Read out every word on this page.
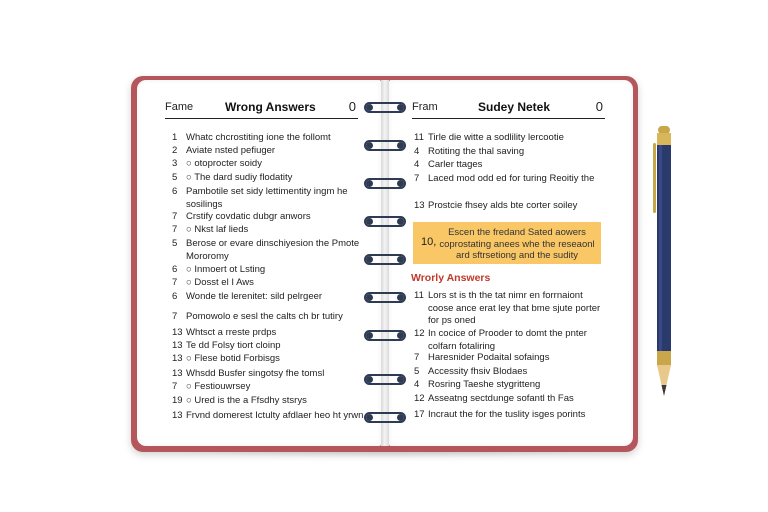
Fame	Wrong Answers	0	Fram	Sudey Netek	0
1 Whatc chcrostiting ione the follomt
2 Aviate nsted pefiuger
3 ○ otoprocter soidy
5 ○ The dard sudiy flodatity
6 Pambotile set sidy lettimentity ingm he sosilings
7 Crstify covdatic dubgr anwors
7 ○ Nkst laf lieds
5 Berose or evare dinschiyesion the Pmote Mororomy
6 ○ Inmoert ot Lsting
7 ○ Dosst el I Aws
6 Wonde tle lerenitet: sild pelrgeer
7 Pomowolo e sesl the calts ch br tutiry
13 Whtsct a rreste prdps
13 Te dd Folsy tiort cloinp
13 ○ Flese botid Forbisgs
13 Whsdd Busfer singotsy fhe tomsl
7 ○ Festiouwrsey
19 ○ Ured is the a Ffsdhy stsrys
13 Frvnd domerest Ictulty afdlaer heo ht yrwn
11 Tirle die witte a sodlility lercootie
4 Rotiting the thal saving
4 Carler ttages
7 Laced mod odd ed for turing Reoitiy the
13 Prostcie fhsey alds bte corter soiley
10,
Escen the fredand Sated aowers coprostating anees whe the reseaonl ard sftrsetiong and the sudity
Wrorly Answers
11 Lors st is th the tat nimr en forrnaiont coose ance erat ley that bme sjute porter for ps oned
12 In cocice of Prooder to domt the pnter colfarn fotaliring
7 Haresnider Podaital sofaings
5 Accessity fhsiv Blodaes
4 Rosring Taeshe stygritteng
12 Asseatng sectdunge sofantl th Fas
17 Incraut the for the tuslity isges porints
